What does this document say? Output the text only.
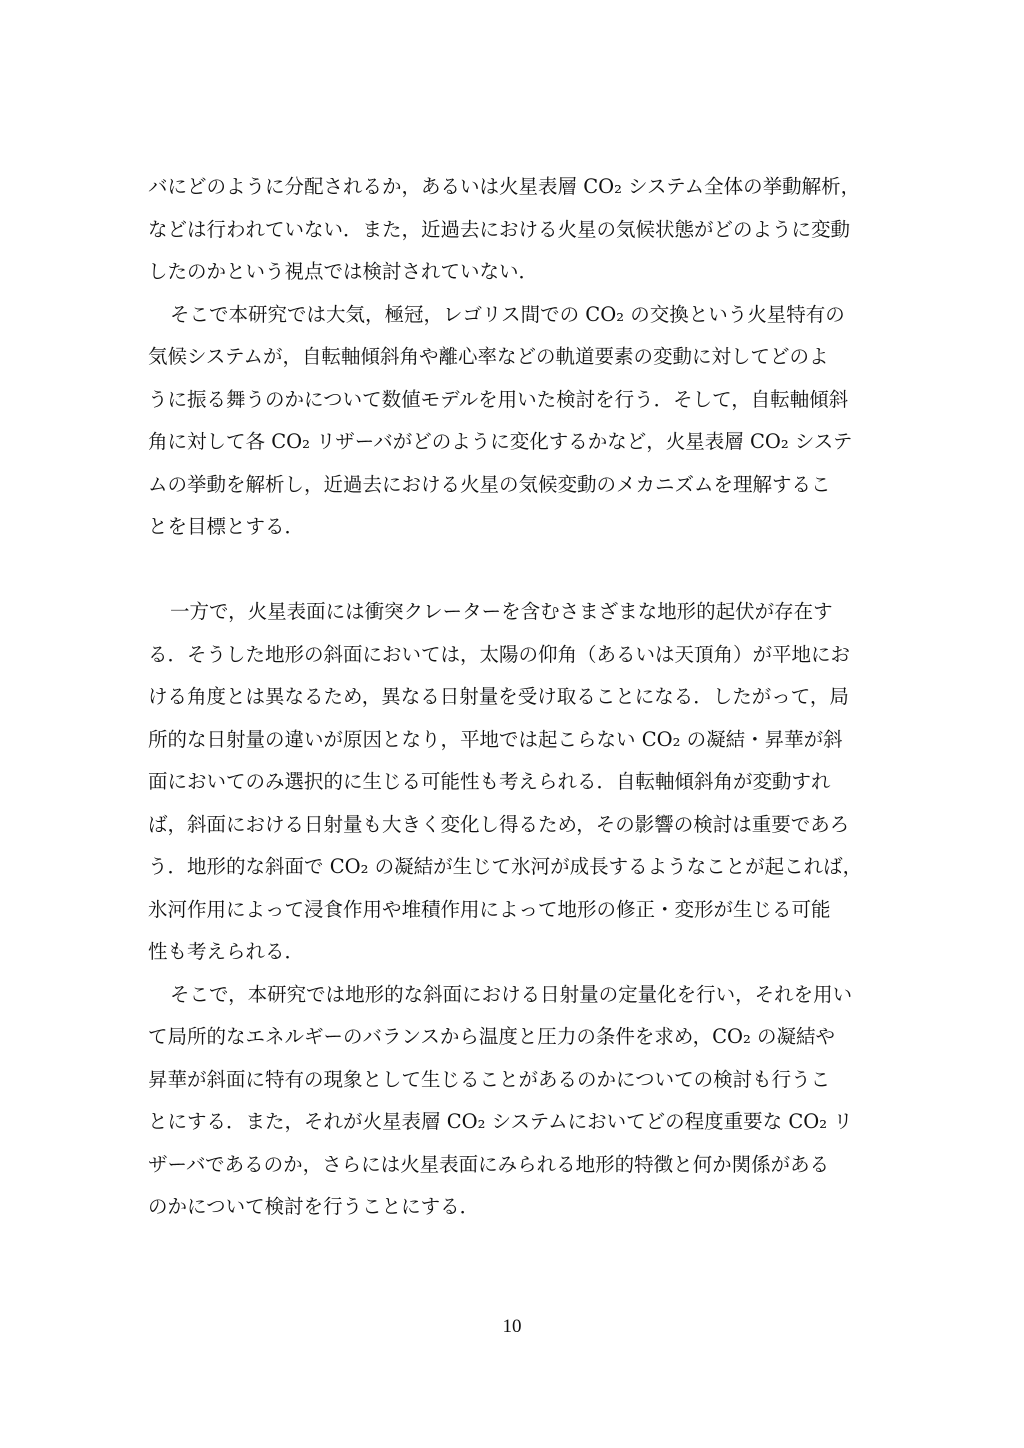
バにどのように分配されるか，あるいは火星表層 CO₂ システム全体の挙動解析，
などは行われていない．また，近過去における火星の気候状態がどのように変動
したのかという視点では検討されていない．
そこで本研究では大気，極冠，レゴリス間での CO₂ の交換という火星特有の
気候システムが，自転軸傾斜角や離心率などの軌道要素の変動に対してどのよ
うに振る舞うのかについて数値モデルを用いた検討を行う．そして，自転軸傾斜
角に対して各 CO₂ リザーバがどのように変化するかなど，火星表層 CO₂ システ
ムの挙動を解析し，近過去における火星の気候変動のメカニズムを理解するこ
とを目標とする．
一方で，火星表面には衝突クレーターを含むさまざまな地形的起伏が存在す
る．そうした地形の斜面においては，太陽の仰角（あるいは天頂角）が平地にお
ける角度とは異なるため，異なる日射量を受け取ることになる．したがって，局
所的な日射量の違いが原因となり，平地では起こらない CO₂ の凝結・昇華が斜
面においてのみ選択的に生じる可能性も考えられる．自転軸傾斜角が変動すれ
ば，斜面における日射量も大きく変化し得るため，その影響の検討は重要であろ
う．地形的な斜面で CO₂ の凝結が生じて氷河が成長するようなことが起これば，
氷河作用によって浸食作用や堆積作用によって地形の修正・変形が生じる可能
性も考えられる．
そこで，本研究では地形的な斜面における日射量の定量化を行い，それを用い
て局所的なエネルギーのバランスから温度と圧力の条件を求め，CO₂ の凝結や
昇華が斜面に特有の現象として生じることがあるのかについての検討も行うこ
とにする．また，それが火星表層 CO₂ システムにおいてどの程度重要な CO₂ リ
ザーバであるのか，さらには火星表面にみられる地形的特徴と何か関係がある
のかについて検討を行うことにする．
10
